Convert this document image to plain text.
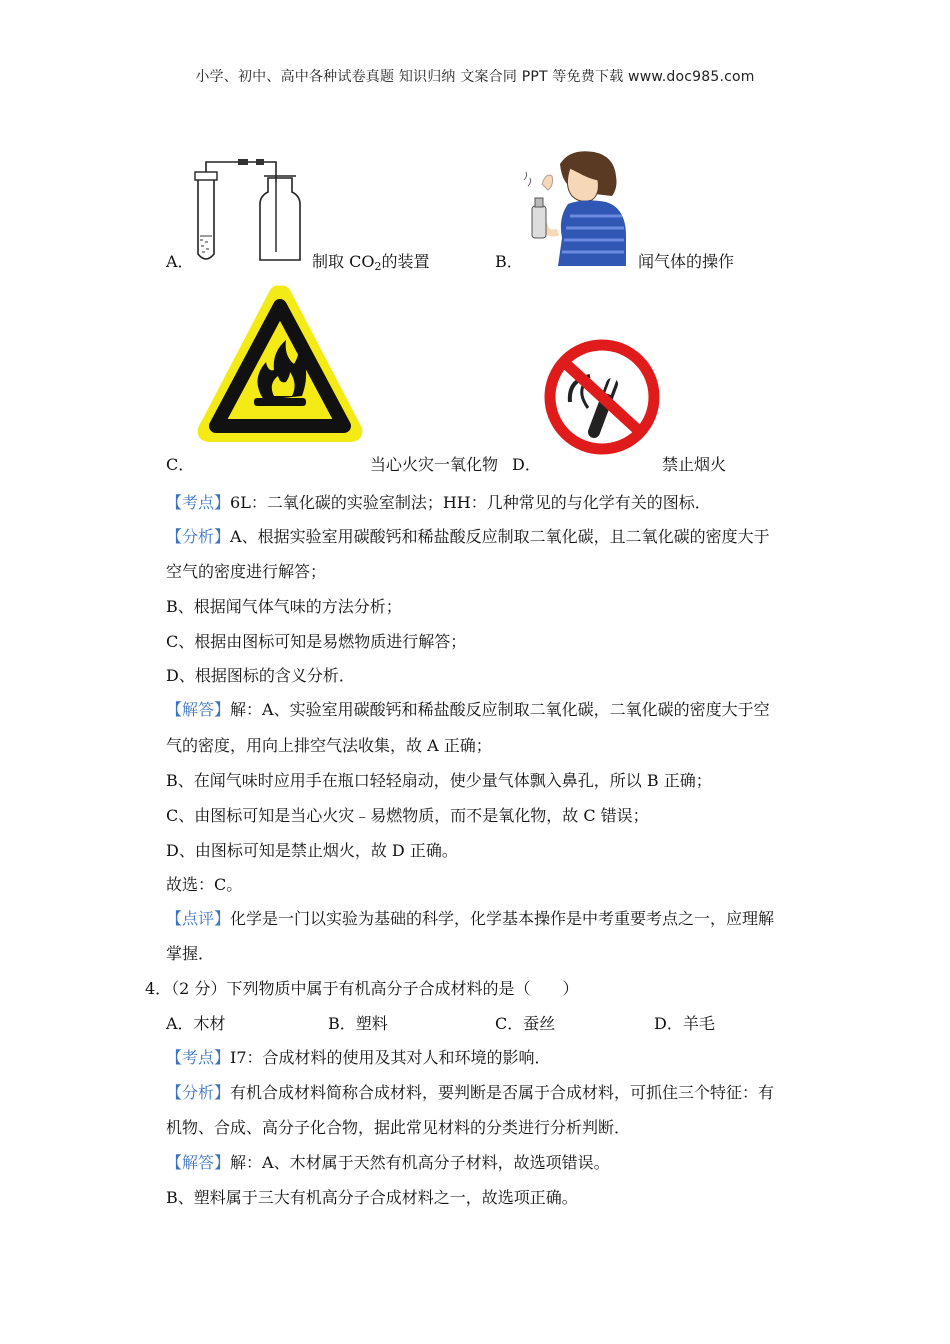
小学、初中、高中各种试卷真题 知识归纳 文案合同 PPT 等免费下载 www.doc985.com
A．	制取 $CO_2$的装置	B．	闻气体的操作
C．	当心火灾一氧化物 D．	禁止烟火
【考点】6L：二氧化碳的实验室制法；HH：几种常见的与化学有关的图标．
【分析】A、根据实验室用碳酸钙和稀盐酸反应制取二氧化碳，且二氧化碳的密度大于
空气的密度进行解答；
B、根据闻气体气味的方法分析；
C、根据由图标可知是易燃物质进行解答；
D、根据图标的含义分析．
【解答】解：A、实验室用碳酸钙和稀盐酸反应制取二氧化碳，二氧化碳的密度大于空
气的密度，用向上排空气法收集，故 A 正确；
B、在闻气味时应用手在瓶口轻轻扇动，使少量气体飘入鼻孔，所以 B 正确；
C、由图标可知是当心火灾﹣易燃物质，而不是氧化物，故 C 错误；
D、由图标可知是禁止烟火，故 D 正确。
故选：C。
【点评】化学是一门以实验为基础的科学，化学基本操作是中考重要考点之一，应理解
掌握．
4．（2 分）下列物质中属于有机高分子合成材料的是（　　）
A．木材	B．塑料	C．蚕丝	D．羊毛
【考点】I7：合成材料的使用及其对人和环境的影响．
【分析】有机合成材料简称合成材料，要判断是否属于合成材料，可抓住三个特征：有
机物、合成、高分子化合物，据此常见材料的分类进行分析判断．
【解答】解：A、木材属于天然有机高分子材料，故选项错误。
B、塑料属于三大有机高分子合成材料之一，故选项正确。
